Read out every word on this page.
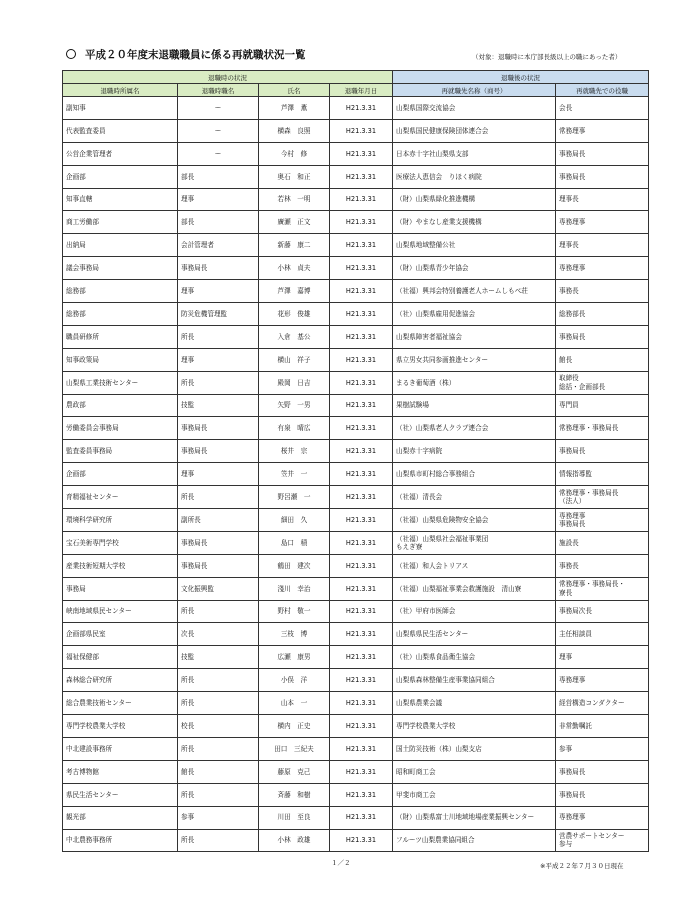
平成２０年度末退職職員に係る再就職状況一覧	（対象：退職時に本庁部長級以上の職にあった者）
退職時の状況				退職後の状況	
退職時所属名	退職時職名	氏名	退職年月日	再就職先名称（商号）	再就職先での役職
副知事	ー	芦澤　薫	H21.3.31	山梨県国際交流協会	会長
代表監査委員	ー	横森　良照	H21.3.31	山梨県国民健康保険団体連合会	常務理事
公営企業管理者	ー	今村　修	H21.3.31	日本赤十字社山梨県支部	事務局長
企画部	部長	奥石　和正	H21.3.31	医療法人恵信会　りほく病院	事務局長
知事直轄	理事	若林　一明	H21.3.31	（財）山梨県緑化推進機構	理事長
商工労働部	部長	廣瀬　正文	H21.3.31	（財）やまなし産業支援機構	専務理事
出納局	会計管理者	新藤　康二	H21.3.31	山梨県地域整備公社	理事長
議会事務局	事務局長	小林　貞夫	H21.3.31	（財）山梨県青少年協会	専務理事
総務部	理事	芦澤　嘉博	H21.3.31	（社福）興邦会特別養護老人ホームしもべ荘	事務長
総務部	防災危機管理監	花形　俊雄	H21.3.31	（社）山梨県雇用促進協会	総務部長
職員研修所	所長	入倉　基公	H21.3.31	山梨県障害者福祉協会	事務局長
知事政策局	理事	横山　祥子	H21.3.31	県立男女共同参画推進センター	館長
山梨県工業技術センター	所長	殿岡　日吉	H21.3.31	まるき葡萄酒（株）	取締役
総括・企画部長
農政部	技監	矢野　一男	H21.3.31	果樹試験場	専門員
労働委員会事務局	事務局長	有泉　晴広	H21.3.31	（社）山梨県老人クラブ連合会	常務理事・事務局長
監査委員事務局	事務局長	桜井　宗	H21.3.31	山梨赤十字病院	事務局長
企画部	理事	笠井　一	H21.3.31	山梨県市町村総合事務組合	情報指導監
育精福祉センター	所長	野呂瀬　一	H21.3.31	（社福）清長会	常務理事・事務局長
（法人）
環境科学研究所	副所長	細田　久	H21.3.31	（社福）山梨県危険物安全協会	専務理事
事務局長
宝石美術専門学校	事務局長	島口　積	H21.3.31	（社福）山梨県社会福祉事業団
もえぎ寮	施設長
産業技術短期大学校	事務局長	鶴田　建次	H21.3.31	（社福）和人会トリアス	事務長
事務局	文化振興監	淺川　幸治	H21.3.31	（社福）山梨福祉事業会救護施設　清山寮	常務理事・事務局長・
寮長
峡南地域県民センター	所長	野村　敬一	H21.3.31	（社）甲府市医師会	事務局次長
企画部県民室	次長	三枝　博	H21.3.31	山梨県県民生活センター	主任相談員
福祉保健部	技監	広瀬　康男	H21.3.31	（社）山梨県食品衛生協会	理事
森林総合研究所	所長	小俣　洋	H21.3.31	山梨県森林整備生産事業協同組合	専務理事
総合農業技術センター	所長	山本　一	H21.3.31	山梨県農業会議	経営構造コンダクター
専門学校農業大学校	校長	横内　正史	H21.3.31	専門学校農業大学校	非常勤嘱託
中北建設事務所	所長	田口　三紀夫	H21.3.31	国土防災技術（株）山梨支店	参事
考古博物館	館長	藤原　克己	H21.3.31	昭和町商工会	事務局長
県民生活センター	所長	斉藤　和樹	H21.3.31	甲斐市商工会	事務局長
観光部	参事	川田　至良	H21.3.31	（財）山梨県富士川地域地場産業振興センター	専務理事
中北農務事務所	所長	小林　政雄	H21.3.31	フルーツ山梨農業協同組合	営農サポートセンター
参与
１／２	※平成２２年７月３０日現在
